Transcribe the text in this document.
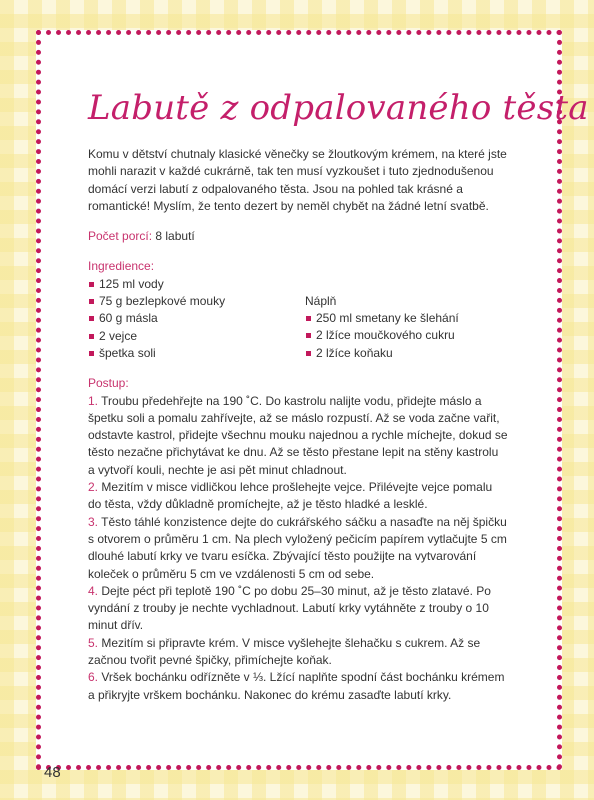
Labutě z odpalovaného těsta

Komu v dětství chutnaly klasické věnečky se žloutkovým krémem, na které jste mohli narazit v každé cukrárně, tak ten musí vyzkoušet i tuto zjednodušenou domácí verzi labutí z odpalovaného těsta. Jsou na pohled tak krásné a romantické! Myslím, že tento dezert by neměl chybět na žádné letní svatbě.

Počet porcí: 8 labutí

Ingredience:

125 ml vody
75 g bezlepkové mouky
60 g másla
2 vejce
špetka soli

Náplň

250 ml smetany ke šlehání
2 lžíce moučkového cukru
2 lžíce koňaku

Postup:

1. Troubu předehřejte na 190 ˚C. Do kastrolu nalijte vodu, přidejte máslo a špetku soli a pomalu zahřívejte, až se máslo rozpustí. Až se voda začne vařit, odstavte kastrol, přidejte všechnu mouku najednou a rychle míchejte, dokud se těsto nezačne přichytávat ke dnu. Až se těsto přestane lepit na stěny kastrolu a vytvoří kouli, nechte je asi pět minut chladnout.

2. Mezitím v misce vidličkou lehce prošlehejte vejce. Přilévejte vejce pomalu do těsta, vždy důkladně promíchejte, až je těsto hladké a lesklé.

3. Těsto táhlé konzistence dejte do cukrářského sáčku a nasaďte na něj špičku s otvorem o průměru 1 cm. Na plech vyložený pečicím papírem vytlačujte 5 cm dlouhé labutí krky ve tvaru esíčka. Zbývající těsto použijte na vytvarování koleček o průměru 5 cm ve vzdálenosti 5 cm od sebe.

4. Dejte péct při teplotě 190 ˚C po dobu 25–30 minut, až je těsto zlatavé. Po vyndání z trouby je nechte vychladnout. Labutí krky vytáhněte z trouby o 10 minut dřív.

5. Mezitím si připravte krém. V misce vyšlehejte šlehačku s cukrem. Až se začnou tvořit pevné špičky, přimíchejte koňak.

6. Vršek bochánku odřízněte v ⅓. Lžící naplňte spodní část bochánku krémem a přikryjte vrškem bochánku. Nakonec do krému zasaďte labutí krky.

48
